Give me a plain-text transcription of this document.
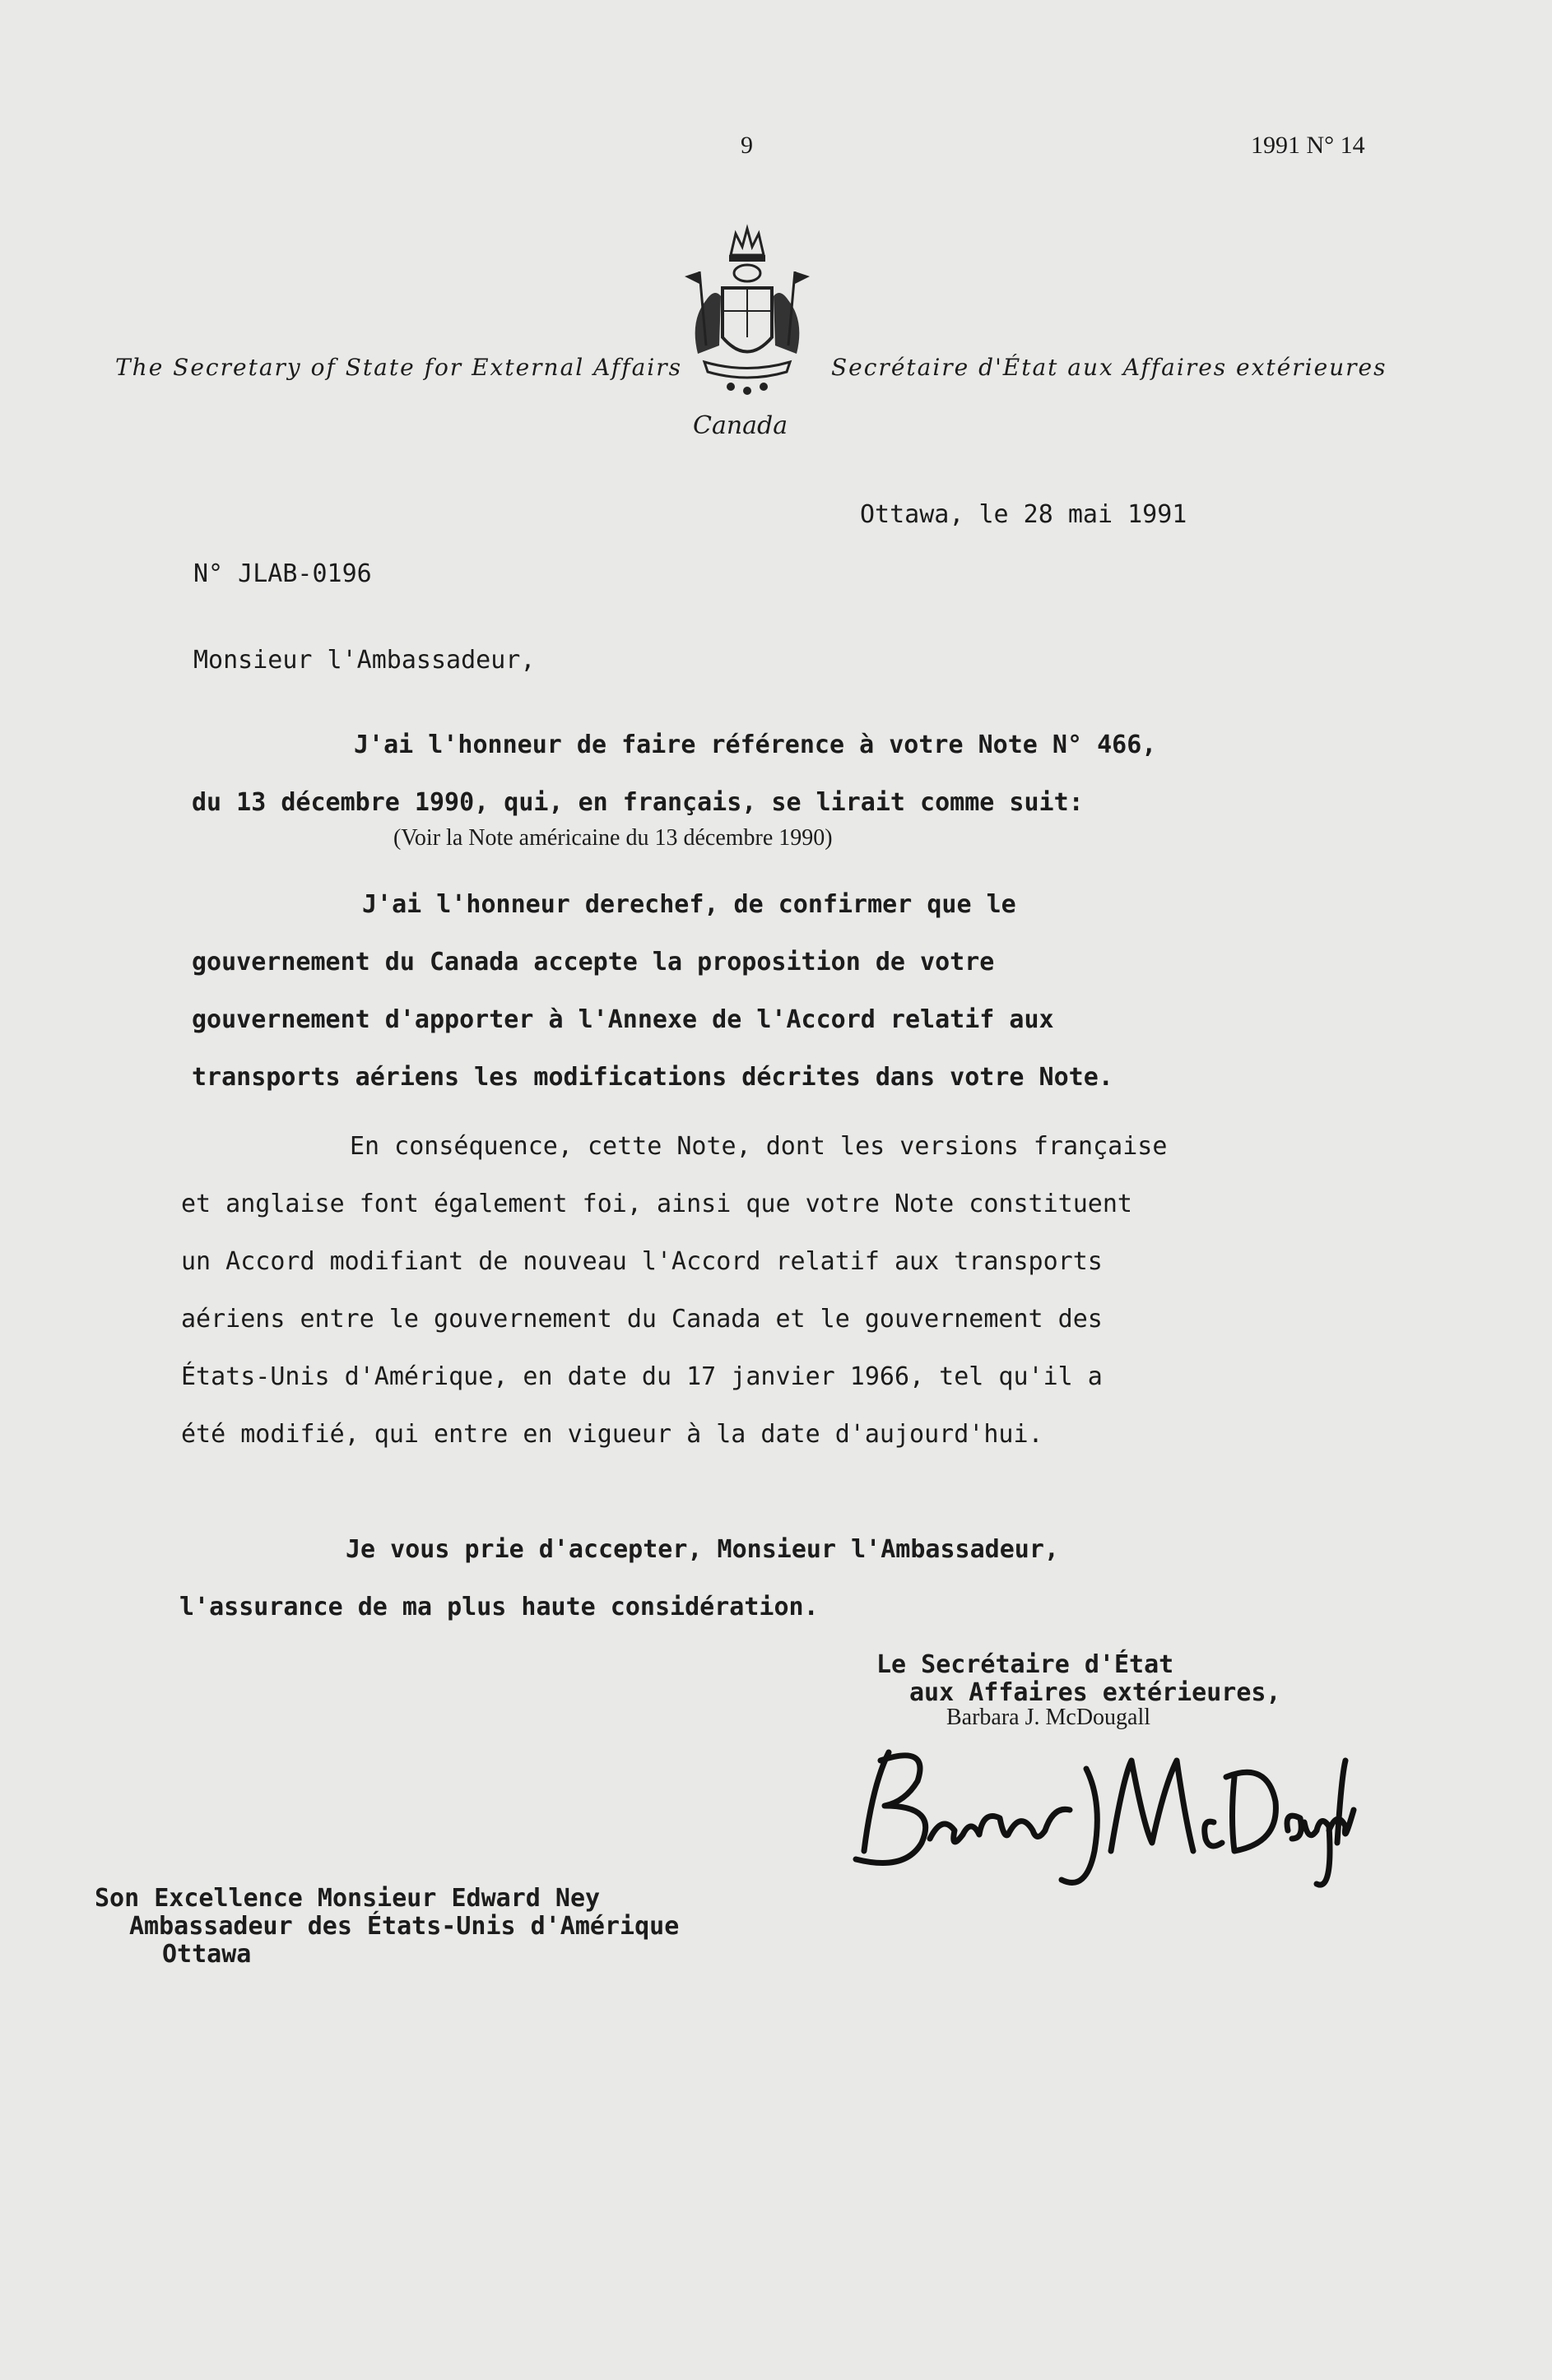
9	1991 N° 14
The Secretary of State for External Affairs	Secrétaire d'État aux Affaires extérieures
Canada
Ottawa, le 28 mai 1991
N° JLAB-0196
Monsieur l'Ambassadeur,
J'ai l'honneur de faire référence à votre Note N° 466,
du 13 décembre 1990, qui, en français, se lirait comme suit:
(Voir la Note américaine du 13 décembre 1990)
J'ai l'honneur derechef, de confirmer que le
gouvernement du Canada accepte la proposition de votre
gouvernement d'apporter à l'Annexe de l'Accord relatif aux
transports aériens les modifications décrites dans votre Note.
En conséquence, cette Note, dont les versions française
et anglaise font également foi, ainsi que votre Note constituent
un Accord modifiant de nouveau l'Accord relatif aux transports
aériens entre le gouvernement du Canada et le gouvernement des
États-Unis d'Amérique, en date du 17 janvier 1966, tel qu'il a
été modifié, qui entre en vigueur à la date d'aujourd'hui.
Je vous prie d'accepter, Monsieur l'Ambassadeur,
l'assurance de ma plus haute considération.
Le Secrétaire d'État
aux Affaires extérieures,
Barbara J. McDougall
Son Excellence Monsieur Edward Ney
Ambassadeur des États-Unis d'Amérique
Ottawa
